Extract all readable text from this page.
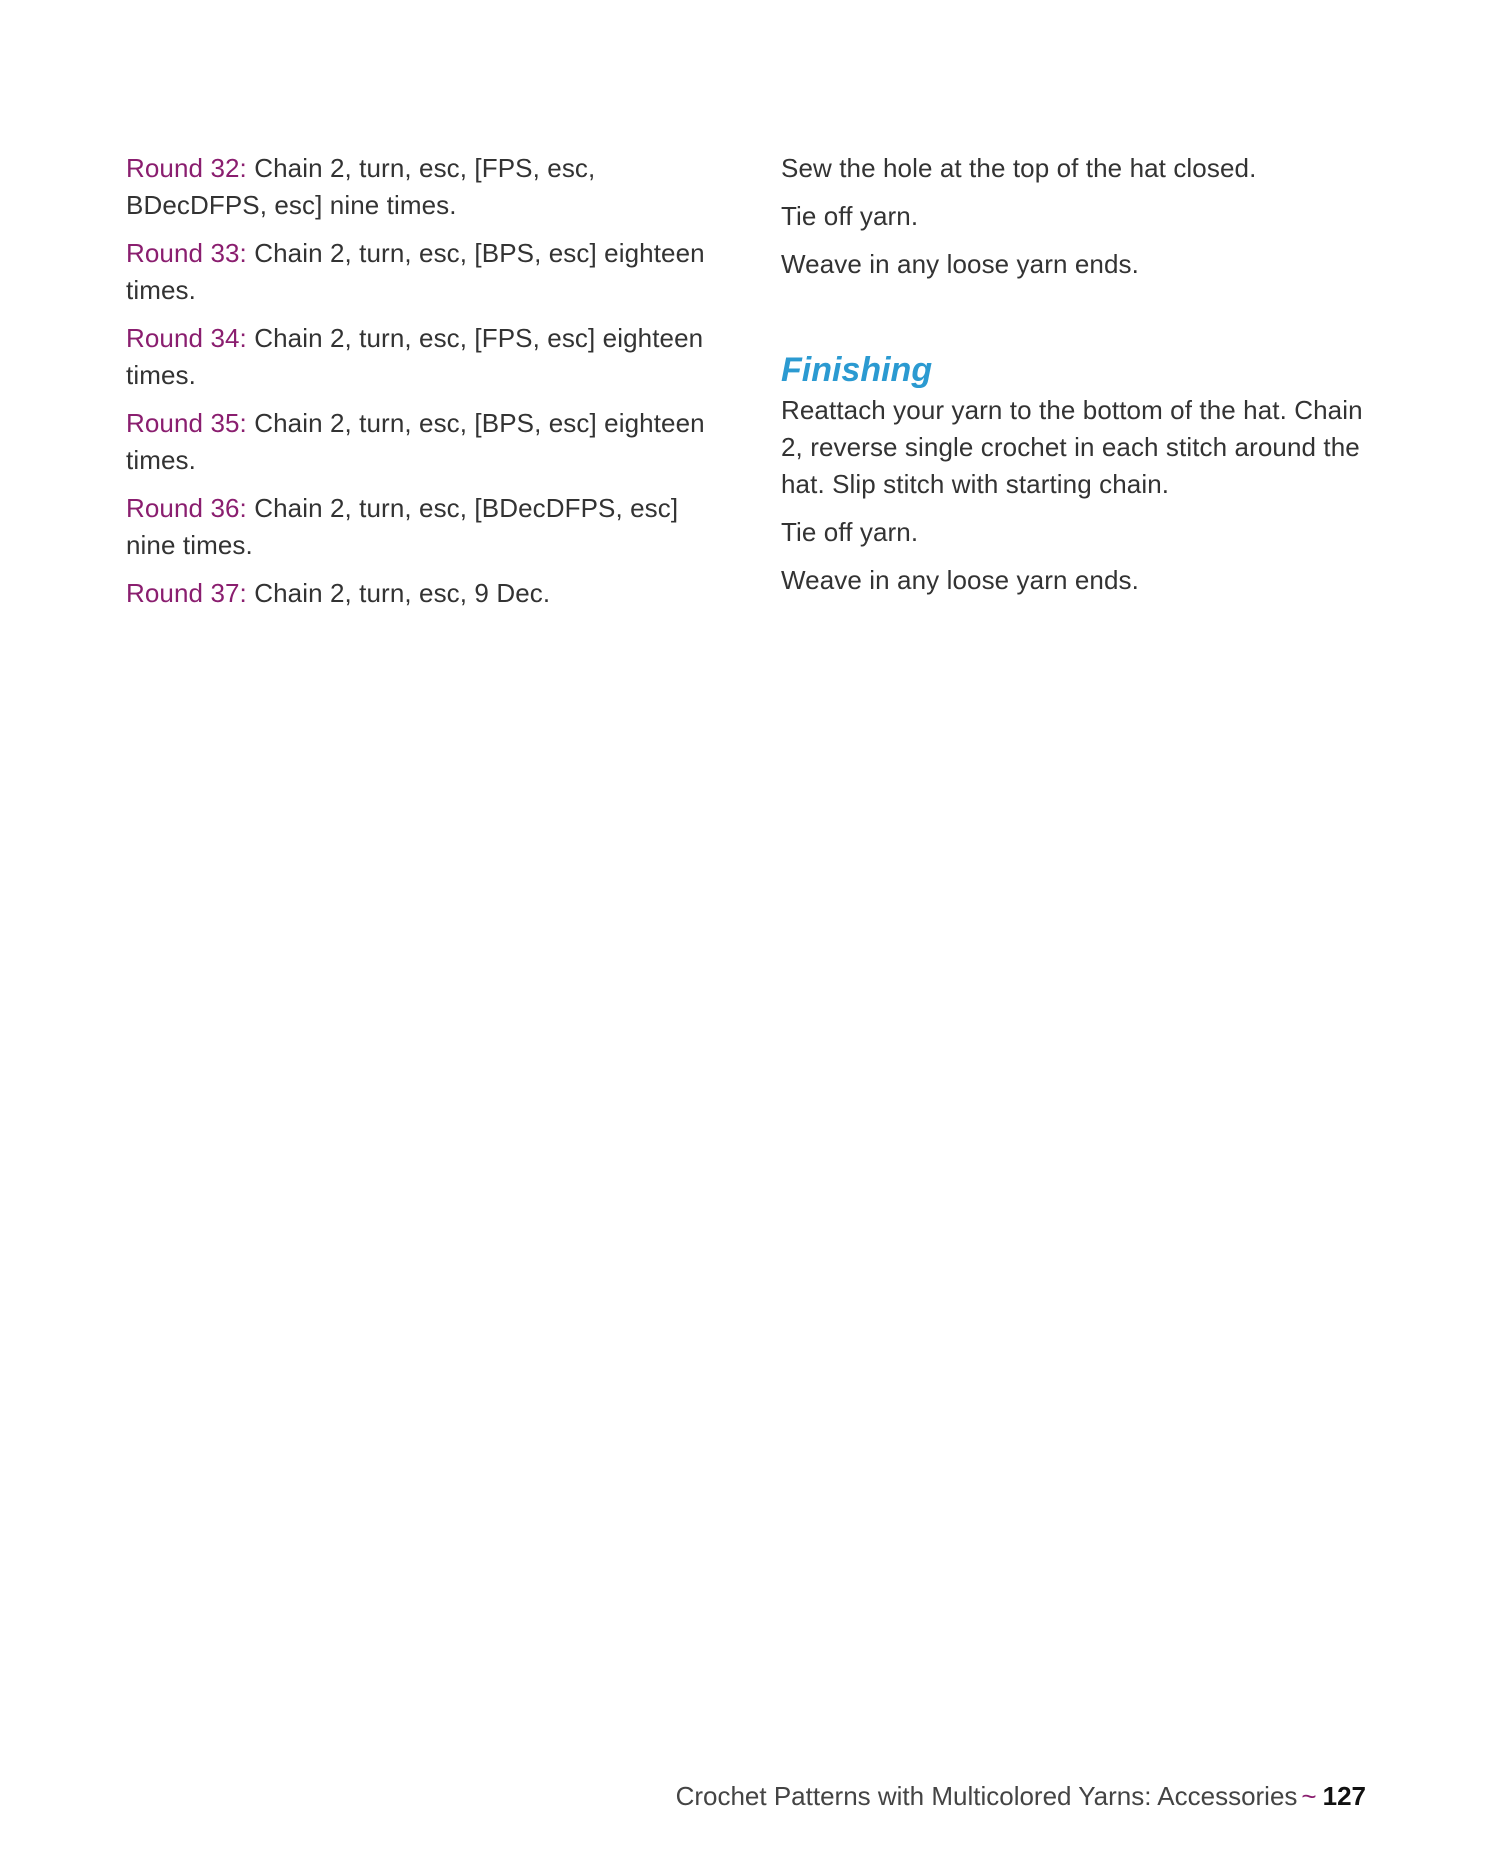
Round 32: Chain 2, turn, esc, [FPS, esc, BDecDFPS, esc] nine times.

Round 33: Chain 2, turn, esc, [BPS, esc] eighteen times.

Round 34: Chain 2, turn, esc, [FPS, esc] eighteen times.

Round 35: Chain 2, turn, esc, [BPS, esc] eighteen times.

Round 36: Chain 2, turn, esc, [BDecDFPS, esc] nine times.

Round 37: Chain 2, turn, esc, 9 Dec.

Sew the hole at the top of the hat closed.

Tie off yarn.

Weave in any loose yarn ends.

Finishing

Reattach your yarn to the bottom of the hat. Chain 2, reverse single crochet in each stitch around the hat. Slip stitch with starting chain.

Tie off yarn.

Weave in any loose yarn ends.

Crochet Patterns with Multicolored Yarns: Accessories ~ 127
